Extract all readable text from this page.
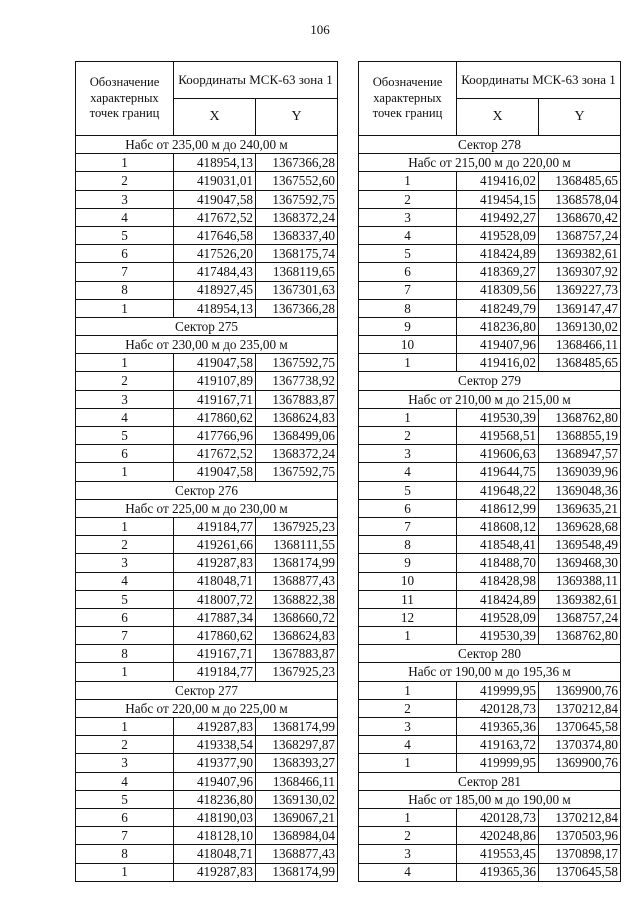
106
Обозначение характерных точек границ	Координаты МСК-63 зона 1	
	X	Y
Набс от 235,00 м до 240,00 м		
1	418954,13	1367366,28
2	419031,01	1367552,60
3	419047,58	1367592,75
4	417672,52	1368372,24
5	417646,58	1368337,40
6	417526,20	1368175,74
7	417484,43	1368119,65
8	418927,45	1367301,63
1	418954,13	1367366,28
Сектор 275		
Набс от 230,00 м до 235,00 м		
1	419047,58	1367592,75
2	419107,89	1367738,92
3	419167,71	1367883,87
4	417860,62	1368624,83
5	417766,96	1368499,06
6	417672,52	1368372,24
1	419047,58	1367592,75
Сектор 276		
Набс от 225,00 м до 230,00 м		
1	419184,77	1367925,23
2	419261,66	1368111,55
3	419287,83	1368174,99
4	418048,71	1368877,43
5	418007,72	1368822,38
6	417887,34	1368660,72
7	417860,62	1368624,83
8	419167,71	1367883,87
1	419184,77	1367925,23
Сектор 277		
Набс от 220,00 м до 225,00 м		
1	419287,83	1368174,99
2	419338,54	1368297,87
3	419377,90	1368393,27
4	419407,96	1368466,11
5	418236,80	1369130,02
6	418190,03	1369067,21
7	418128,10	1368984,04
8	418048,71	1368877,43
1	419287,83	1368174,99
Обозначение характерных точек границ	Координаты МСК-63 зона 1	
	X	Y
Сектор 278		
Набс от 215,00 м до 220,00 м		
1	419416,02	1368485,65
2	419454,15	1368578,04
3	419492,27	1368670,42
4	419528,09	1368757,24
5	418424,89	1369382,61
6	418369,27	1369307,92
7	418309,56	1369227,73
8	418249,79	1369147,47
9	418236,80	1369130,02
10	419407,96	1368466,11
1	419416,02	1368485,65
Сектор 279		
Набс от 210,00 м до 215,00 м		
1	419530,39	1368762,80
2	419568,51	1368855,19
3	419606,63	1368947,57
4	419644,75	1369039,96
5	419648,22	1369048,36
6	418612,99	1369635,21
7	418608,12	1369628,68
8	418548,41	1369548,49
9	418488,70	1369468,30
10	418428,98	1369388,11
11	418424,89	1369382,61
12	419528,09	1368757,24
1	419530,39	1368762,80
Сектор 280		
Набс от 190,00 м до 195,36 м		
1	419999,95	1369900,76
2	420128,73	1370212,84
3	419365,36	1370645,58
4	419163,72	1370374,80
1	419999,95	1369900,76
Сектор 281		
Набс от 185,00 м до 190,00 м		
1	420128,73	1370212,84
2	420248,86	1370503,96
3	419553,45	1370898,17
4	419365,36	1370645,58
